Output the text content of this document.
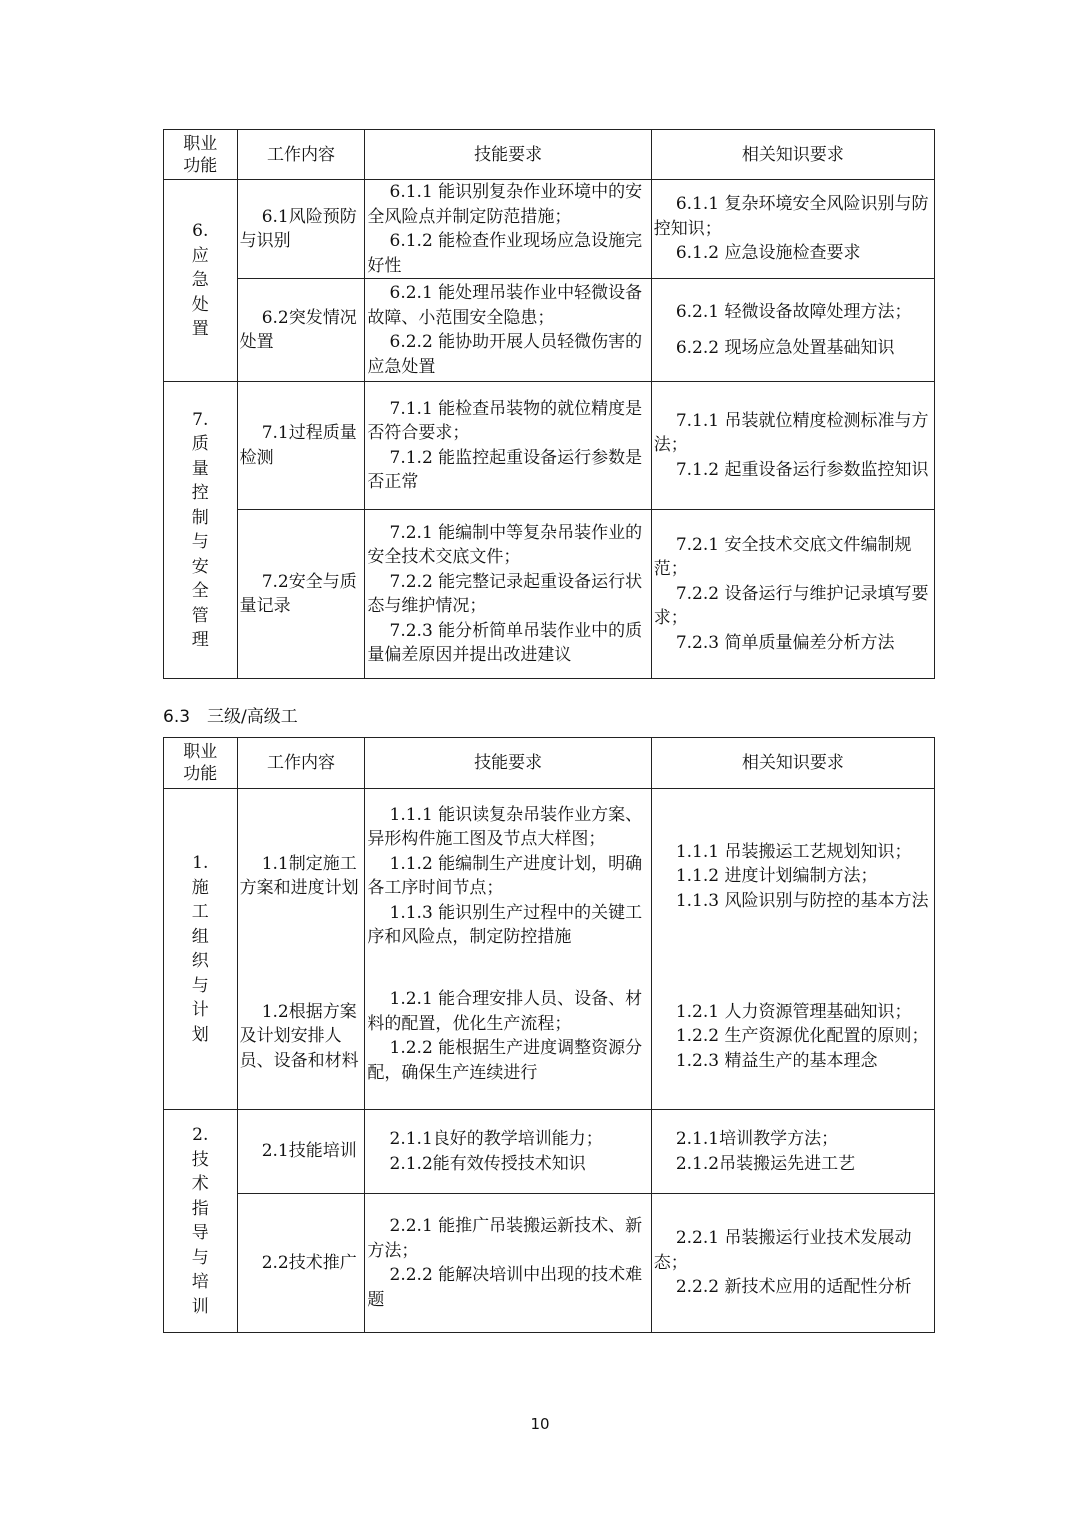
职业功能	工作内容	技能要求	相关知识要求
6.应急处置	6.1风险预防与识别	6.1.1 能识别复杂作业环境中的安全风险点并制定防范措施；
6.1.2 能检查作业现场应急设施完好性	6.1.1 复杂环境安全风险识别与防控知识；
6.1.2 应急设施检查要求

	6.2突发情况处置	6.2.1 能处理吊装作业中轻微设备故障、小范围安全隐患；
6.2.2 能协助开展人员轻微伤害的应急处置	6.2.1 轻微设备故障处理方法；
6.2.2 现场应急处置基础知识

7.质量控制与安全管理	7.1过程质量检测	7.1.1 能检查吊装物的就位精度是否符合要求；
7.1.2 能监控起重设备运行参数是否正常	7.1.1 吊装就位精度检测标准与方法；
7.1.2 起重设备运行参数监控知识

	7.2安全与质量记录	7.2.1 能编制中等复杂吊装作业的安全技术交底文件；
7.2.2 能完整记录起重设备运行状态与维护情况；
7.2.3 能分析简单吊装作业中的质量偏差原因并提出改进建议	7.2.1 安全技术交底文件编制规范；
7.2.2 设备运行与维护记录填写要求；
7.2.3 简单质量偏差分析方法
6.3　三级/高级工
职业功能	工作内容	技能要求	相关知识要求
1.施工组织与计划	1.1制定施工方案和进度计划	1.1.1 能识读复杂吊装作业方案、异形构件施工图及节点大样图；
1.1.2 能编制生产进度计划，明确各工序时间节点；
1.1.3 能识别生产过程中的关键工序和风险点，制定防控措施	1.1.1 吊装搬运工艺规划知识；
1.1.2 进度计划编制方法；
1.1.3 风险识别与防控的基本方法

	1.2根据方案及计划安排人员、设备和材料	1.2.1 能合理安排人员、设备、材料的配置，优化生产流程；
1.2.2 能根据生产进度调整资源分配，确保生产连续进行	1.2.1 人力资源管理基础知识；
1.2.2 生产资源优化配置的原则；
1.2.3 精益生产的基本理念

2.技术指导与培训	2.1技能培训	2.1.1良好的教学培训能力；
2.1.2能有效传授技术知识	2.1.1培训教学方法；
2.1.2吊装搬运先进工艺

	2.2技术推广	2.2.1 能推广吊装搬运新技术、新方法；
2.2.2 能解决培训中出现的技术难题	2.2.1 吊装搬运行业技术发展动态；
2.2.2 新技术应用的适配性分析
10
